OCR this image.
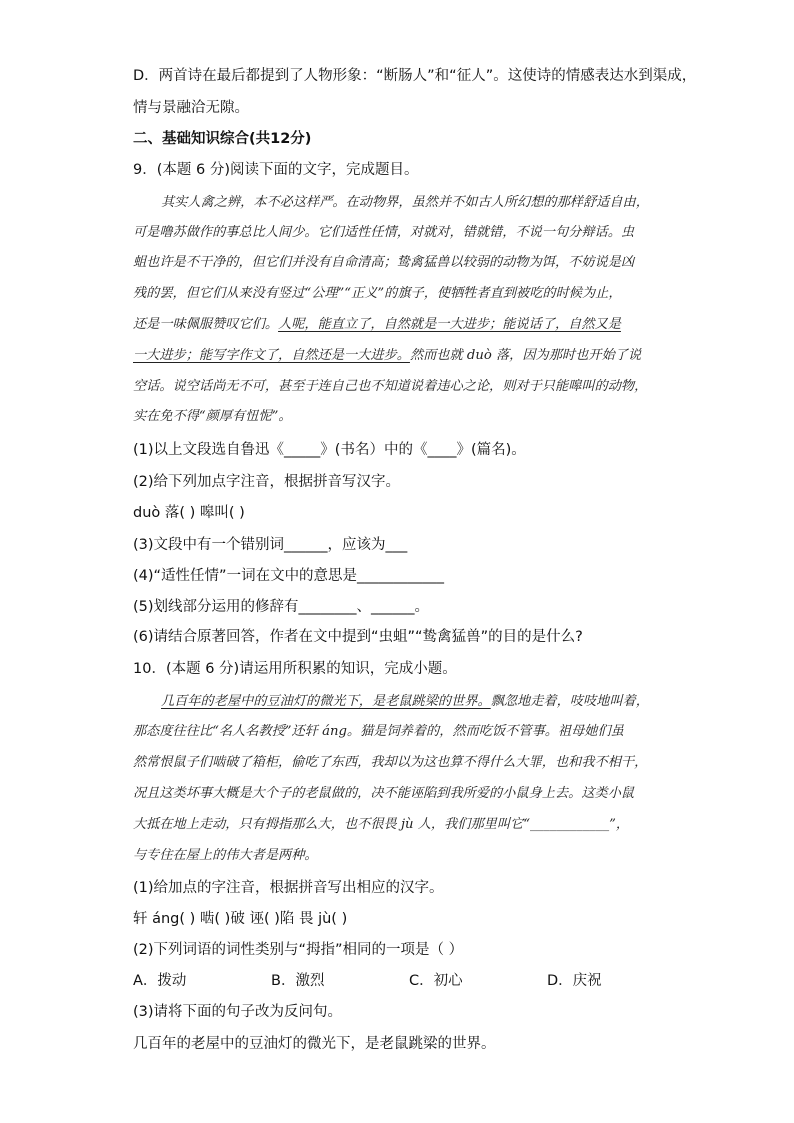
D．两首诗在最后都提到了人物形象：“断肠人”和“征人”。这使诗的情感表达水到渠成，
情与景融洽无隙。
二、基础知识综合(共12分)
9．(本题 6 分)阅读下面的文字，完成题目。
其实人禽之辨，本不必这样严。在动物界，虽然并不如古人所幻想的那样舒适自由，
可是噜苏做作的事总比人间少。它们适性任情，对就对，错就错，不说一句分辩话。虫
蛆也许是不干净的，但它们并没有自命清高；鸷禽猛兽以较弱的动物为饵，不妨说是凶
残的罢，但它们从来没有竖过“公理”“正义”的旗子，使牺牲者直到被吃的时候为止，
还是一味佩服赞叹它们。人呢，能直立了，自然就是一大进步；能说话了，自然又是
一大进步；能写字作文了，自然还是一大进步。然而也就 duò 落，因为那时也开始了说
空话。说空话尚无不可，甚至于连自己也不知道说着违心之论，则对于只能嗥叫的动物，
实在免不得“颜厚有忸怩”。
(1)以上文段选自鲁迅《_____》(书名）中的《____》(篇名)。
(2)给下列加点字注音，根据拼音写汉字。
duò 落( ) 嗥叫( )
(3)文段中有一个错别词______，应该为___
(4)“适性任情”一词在文中的意思是____________
(5)划线部分运用的修辞有________、______。
(6)请结合原著回答，作者在文中提到“虫蛆”“鸷禽猛兽”的目的是什么?
10．(本题 6 分)请运用所积累的知识，完成小题。
几百年的老屋中的豆油灯的微光下，是老鼠跳梁的世界。飘忽地走着，吱吱地叫着，
那态度往往比“名人名教授”还轩 áng。猫是饲养着的，然而吃饭不管事。祖母她们虽
然常恨鼠子们啮破了箱柜，偷吃了东西，我却以为这也算不得什么大罪，也和我不相干，
况且这类坏事大概是大个子的老鼠做的，决不能诬陷到我所爱的小鼠身上去。这类小鼠
大抵在地上走动，只有拇指那么大，也不很畏 jù 人，我们那里叫它“____________”，
与专住在屋上的伟大者是两种。
(1)给加点的字注音，根据拼音写出相应的汉字。
轩 áng( ) 啮( )破 诬( )陷 畏 jù( )
(2)下列词语的词性类别与“拇指”相同的一项是（ ）
A．拨动	B．激烈	C．初心	D．庆祝
(3)请将下面的句子改为反问句。
几百年的老屋中的豆油灯的微光下，是老鼠跳梁的世界。
